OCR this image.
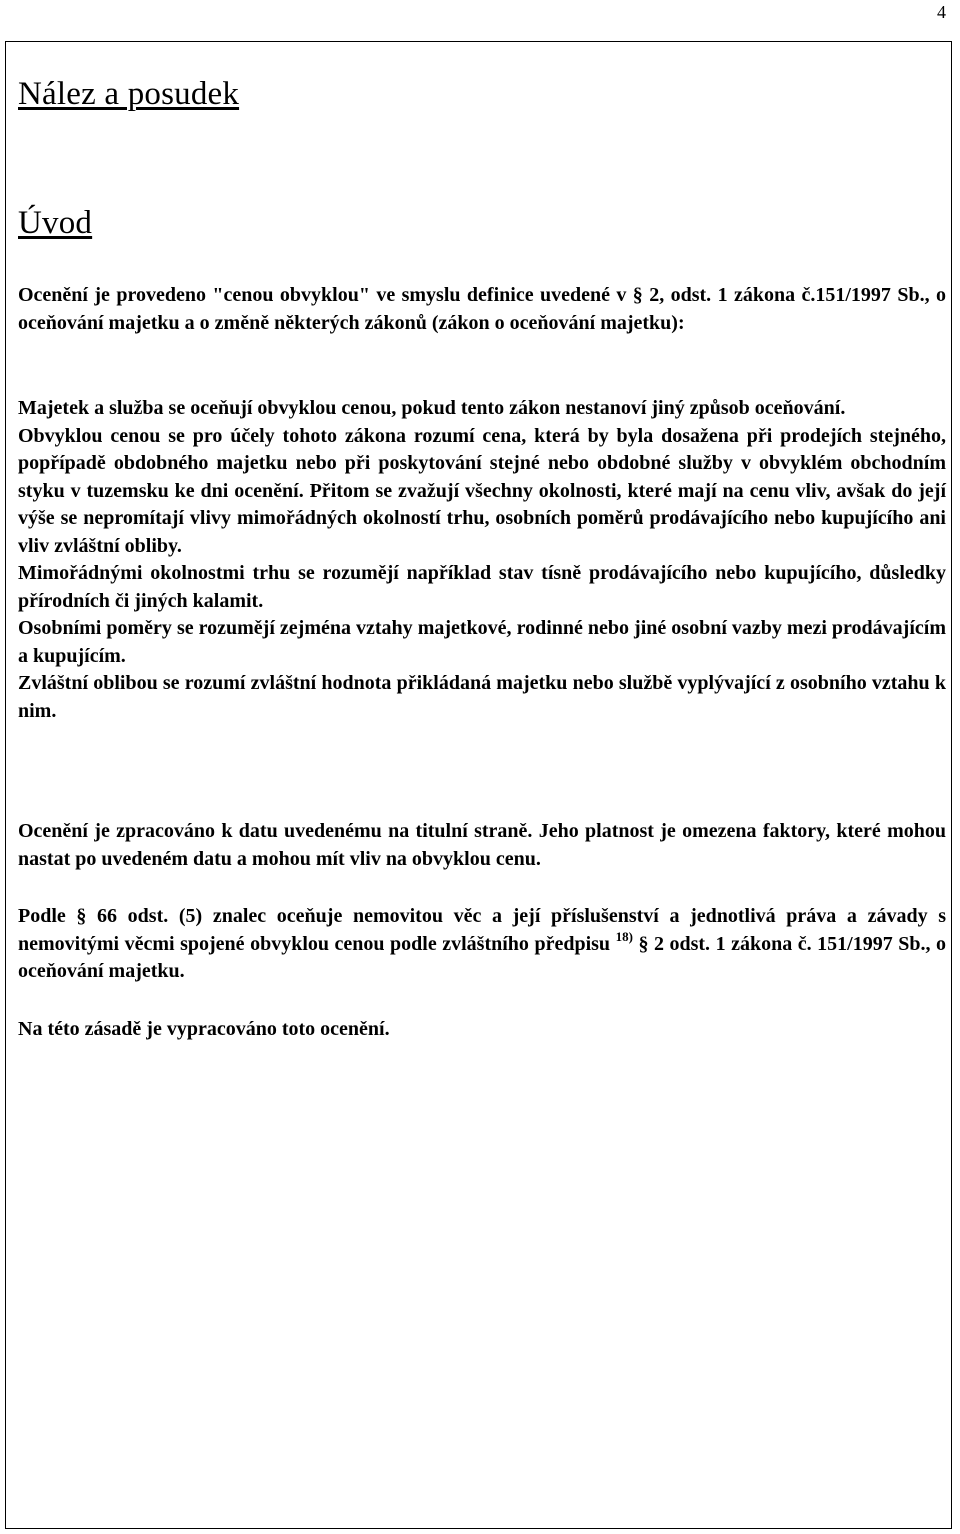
4
Nález a posudek
Úvod

Ocenění je provedeno "cenou obvyklou" ve smyslu definice uvedené v § 2, odst. 1 zákona č.151/1997 Sb., o oceňování majetku a o změně některých zákonů (zákon o oceňování majetku):

Majetek a služba se oceňují obvyklou cenou, pokud tento zákon nestanoví jiný způsob oceňování.

Obvyklou cenou se pro účely tohoto zákona rozumí cena, která by byla dosažena při prodejích stejného, popřípadě obdobného majetku nebo při poskytování stejné nebo obdobné služby v obvyklém obchodním styku v tuzemsku ke dni ocenění. Přitom se zvažují všechny okolnosti, které mají na cenu vliv, avšak do její výše se nepromítají vlivy mimořádných okolností trhu, osobních poměrů prodávajícího nebo kupujícího ani vliv zvláštní obliby.

Mimořádnými okolnostmi trhu se rozumějí například stav tísně prodávajícího nebo kupujícího, důsledky přírodních či jiných kalamit.

Osobními poměry se rozumějí zejména vztahy majetkové, rodinné nebo jiné osobní vazby mezi prodávajícím a kupujícím.

Zvláštní oblibou se rozumí zvláštní hodnota přikládaná majetku nebo službě vyplývající z osobního vztahu k nim.

Ocenění je zpracováno k datu uvedenému na titulní straně. Jeho platnost je omezena faktory, které mohou nastat po uvedeném datu a mohou mít vliv na obvyklou cenu.

Podle § 66 odst. (5) znalec oceňuje nemovitou věc a její příslušenství a jednotlivá práva a závady s nemovitými věcmi spojené obvyklou cenou podle zvláštního předpisu $^{18)}$ § 2 odst. 1 zákona č. 151/1997 Sb., o oceňování majetku.

Na této zásadě je vypracováno toto ocenění.
